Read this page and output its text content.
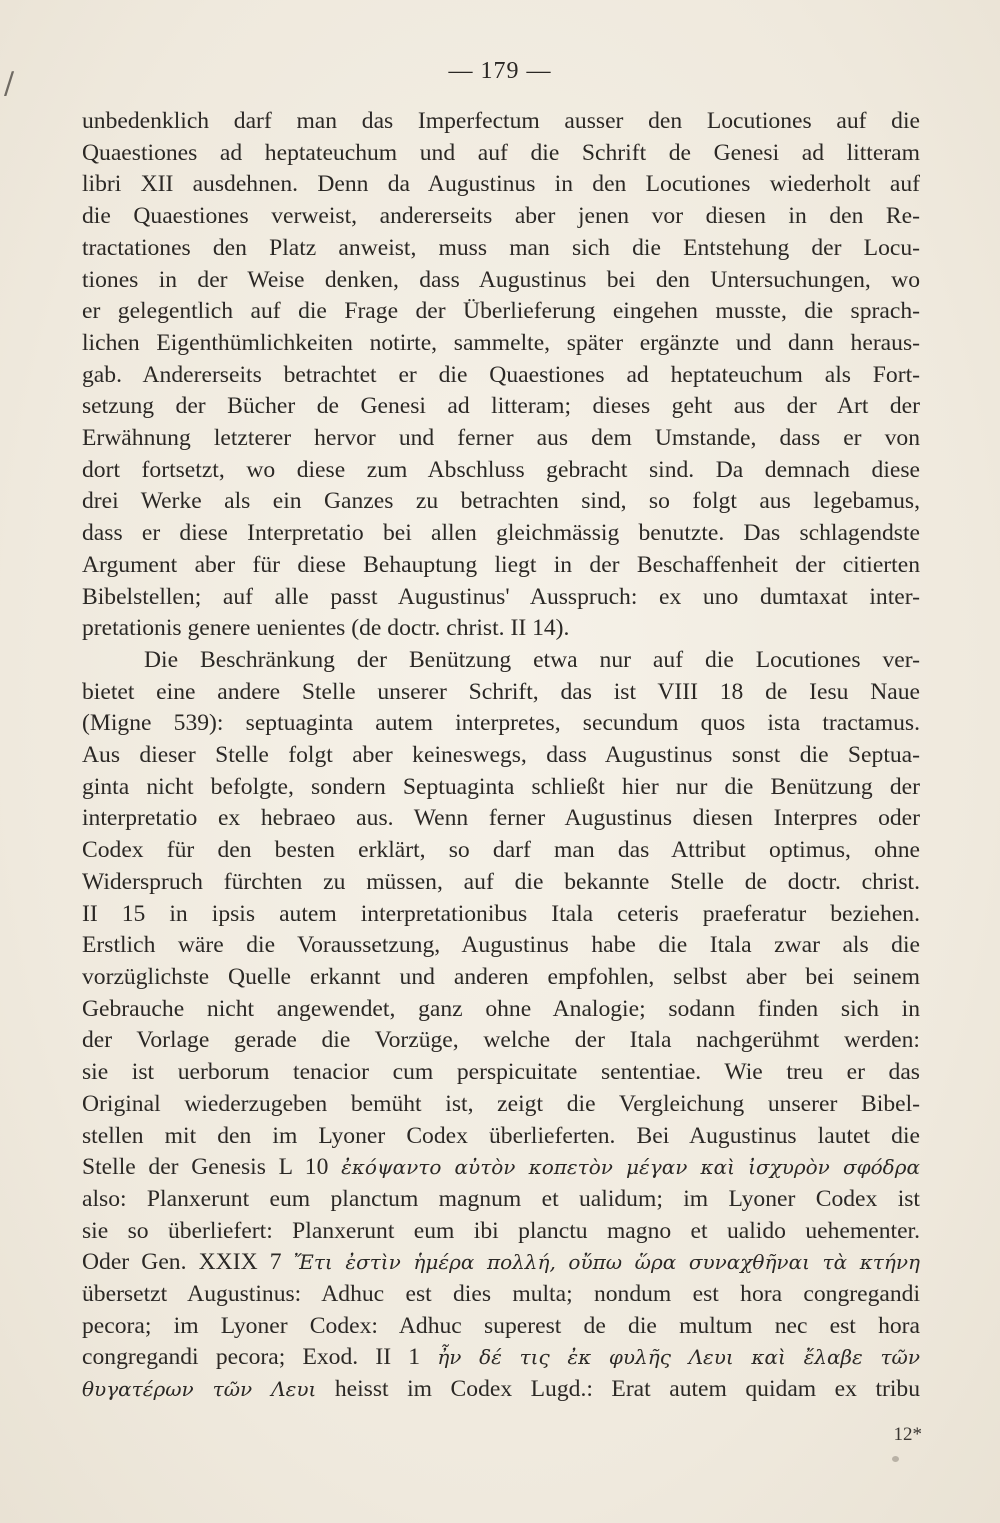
/	— 179 —
unbedenklich darf man das Imperfectum ausser den Locutiones auf die
Quaestiones ad heptateuchum und auf die Schrift de Genesi ad litteram
libri XII ausdehnen. Denn da Augustinus in den Locutiones wiederholt auf
die Quaestiones verweist, andererseits aber jenen vor diesen in den Re-
tractationes den Platz anweist, muss man sich die Entstehung der Locu-
tiones in der Weise denken, dass Augustinus bei den Untersuchungen, wo
er gelegentlich auf die Frage der Überlieferung eingehen musste, die sprach-
lichen Eigenthümlichkeiten notirte, sammelte, später ergänzte und dann heraus-
gab. Andererseits betrachtet er die Quaestiones ad heptateuchum als Fort-
setzung der Bücher de Genesi ad litteram; dieses geht aus der Art der
Erwähnung letzterer hervor und ferner aus dem Umstande, dass er von
dort fortsetzt, wo diese zum Abschluss gebracht sind. Da demnach diese
drei Werke als ein Ganzes zu betrachten sind, so folgt aus legebamus,
dass er diese Interpretatio bei allen gleichmässig benutzte. Das schlagendste
Argument aber für diese Behauptung liegt in der Beschaffenheit der citierten
Bibelstellen; auf alle passt Augustinus' Ausspruch: ex uno dumtaxat inter-
pretationis genere uenientes (de doctr. christ. II 14).
Die Beschränkung der Benützung etwa nur auf die Locutiones ver-
bietet eine andere Stelle unserer Schrift, das ist VIII 18 de Iesu Naue
(Migne 539): septuaginta autem interpretes, secundum quos ista tractamus.
Aus dieser Stelle folgt aber keineswegs, dass Augustinus sonst die Septua-
ginta nicht befolgte, sondern Septuaginta schließt hier nur die Benützung der
interpretatio ex hebraeo aus. Wenn ferner Augustinus diesen Interpres oder
Codex für den besten erklärt, so darf man das Attribut optimus, ohne
Widerspruch fürchten zu müssen, auf die bekannte Stelle de doctr. christ.
II 15 in ipsis autem interpretationibus Itala ceteris praeferatur beziehen.
Erstlich wäre die Voraussetzung, Augustinus habe die Itala zwar als die
vorzüglichste Quelle erkannt und anderen empfohlen, selbst aber bei seinem
Gebrauche nicht angewendet, ganz ohne Analogie; sodann finden sich in
der Vorlage gerade die Vorzüge, welche der Itala nachgerühmt werden:
sie ist uerborum tenacior cum perspicuitate sententiae. Wie treu er das
Original wiederzugeben bemüht ist, zeigt die Vergleichung unserer Bibel-
stellen mit den im Lyoner Codex überlieferten. Bei Augustinus lautet die
Stelle der Genesis L 10 ἐκόψαντο αὐτὸν κοπετὸν μέγαν καὶ ἰσχυρὸν σφόδρα
also: Planxerunt eum planctum magnum et ualidum; im Lyoner Codex ist
sie so überliefert: Planxerunt eum ibi planctu magno et ualido uehementer.
Oder Gen. XXIX 7 Ἔτι ἐστὶν ἡμέρα πολλή, οὔπω ὥρα συναχθῆναι τὰ κτήνη
übersetzt Augustinus: Adhuc est dies multa; nondum est hora congregandi
pecora; im Lyoner Codex: Adhuc superest de die multum nec est hora
congregandi pecora; Exod. II 1 ἦν δέ τις ἐκ φυλῆς Λευι καὶ ἔλαβε τῶν
θυγατέρων τῶν Λευι heisst im Codex Lugd.: Erat autem quidam ex tribu
12*
